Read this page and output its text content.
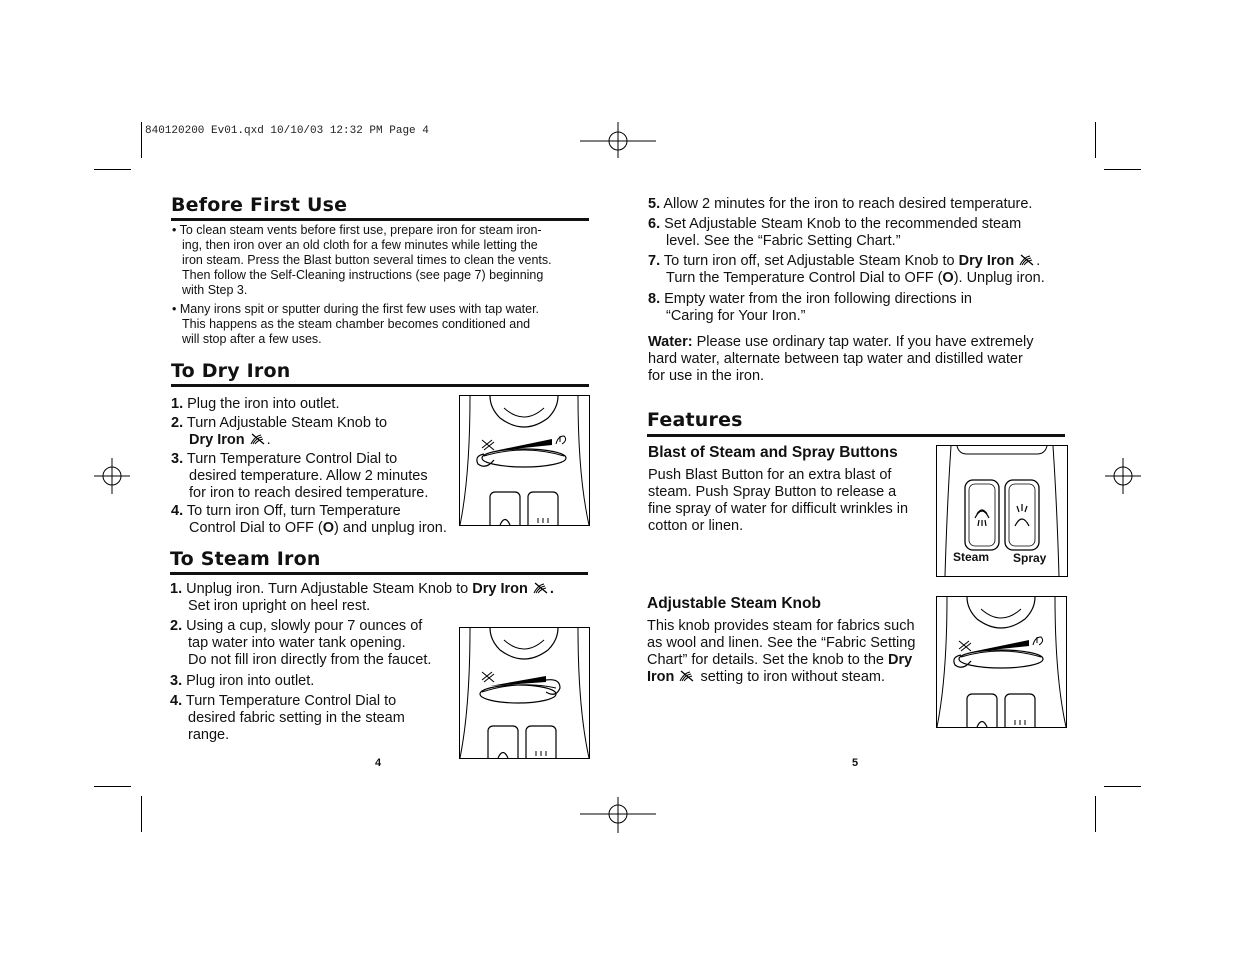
840120200 Ev01.qxd 10/10/03 12:32 PM Page 4
Before First Use
• To clean steam vents before first use, prepare iron for steam iron-
ing, then iron over an old cloth for a few minutes while letting the
iron steam. Press the Blast button several times to clean the vents.
Then follow the Self-Cleaning instructions (see page 7) beginning
with Step 3.
• Many irons spit or sputter during the first few uses with tap water.
This happens as the steam chamber becomes conditioned and
will stop after a few uses.
To Dry Iron
1. Plug the iron into outlet.
2. Turn Adjustable Steam Knob to
Dry Iron .
3. Turn Temperature Control Dial to
desired temperature. Allow 2 minutes
for iron to reach desired temperature.
4. To turn iron Off, turn Temperature
Control Dial to OFF (O) and unplug iron.
To Steam Iron
1. Unplug iron. Turn Adjustable Steam Knob to Dry Iron .
Set iron upright on heel rest.
2. Using a cup, slowly pour 7 ounces of
tap water into water tank opening.
Do not fill iron directly from the faucet.
3. Plug iron into outlet.
4. Turn Temperature Control Dial to
desired fabric setting in the steam
range.
4
5. Allow 2 minutes for the iron to reach desired temperature.
6. Set Adjustable Steam Knob to the recommended steam
level. See the “Fabric Setting Chart.”
7. To turn iron off, set Adjustable Steam Knob to Dry Iron .
Turn the Temperature Control Dial to OFF (O). Unplug iron.
8. Empty water from the iron following directions in
“Caring for Your Iron.”
Water: Please use ordinary tap water. If you have extremely
hard water, alternate between tap water and distilled water
for use in the iron.
Features
Blast of Steam and Spray Buttons
Push Blast Button for an extra blast of
steam. Push Spray Button to release a
fine spray of water for difficult wrinkles in
cotton or linen.
Steam Spray
Adjustable Steam Knob
This knob provides steam for fabrics such
as wool and linen. See the “Fabric Setting
Chart” for details. Set the knob to the Dry
Iron  setting to iron without steam.
5
